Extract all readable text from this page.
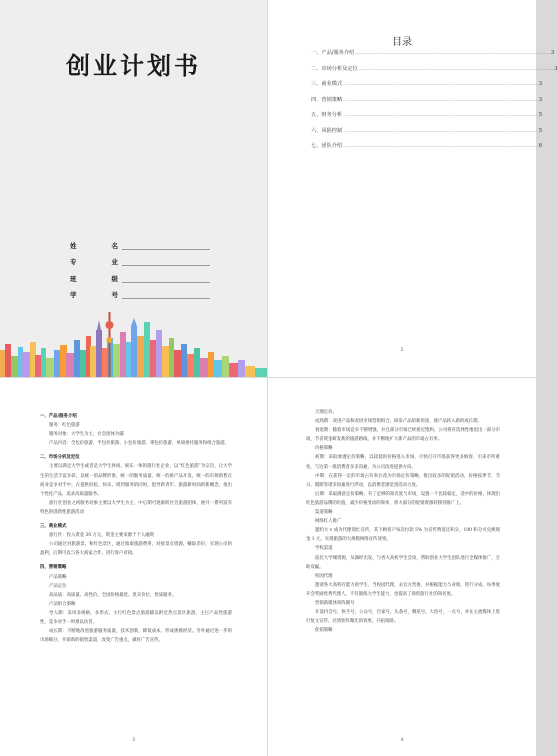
创业计划书
姓	名
专	业
班	级
学	号
目录
一、产品/服务介绍 ...................................................................................................................... 3
二、市场分析及定位 ...................................................................................................................... 3
三、商业模式 ...................................................................................................................... 3
四、营销策略 ...................................................................................................................... 3
五、财务分析 ...................................................................................................................... 5
六、风险控制 ...................................................................................................................... 5
七、团队介绍 ...................................................................................................................... 6
2
一、产品/服务介绍
服务：红色旅游
服务对象：大学生为主，社会团体为辅
产品内容：全包价旅游、半包价旅游、小包价旅游、零包价旅游，单项委托服务和组合旅游。
二、市场分析及定位
主要以满足大学生或者是大学生休闲、娱乐一体的旅行社企业，以“红色旅游”为宗旨，让大学生的生活丰富多彩，以统一的品牌形象、统一的服务质量、统一的新产品开发、统一的市场销售在商业竞争对手中，在提供轻松、快乐、周到服务的同时，倡导新青年、旅游新时尚的新概念，推出个性化产品，追求高质量服务。
旅行社创业之初服务对象主要以大学生为主，中后期可逐渐转社会旅游团体，展开一系列富有特色的创新性旅游活动
三、商业模式
旅行社：投入资金 30 万元，资金主要来源于个人融资
公司通过对旅游景、和红色景区，通过收取旅游费用，对接景点资源，赚取差价，实现公司的盈利，后期可以与各大商家合作，进行客户对接。
四、营销策略
产品策略
产品定位
高品质：高质量、高性价、全国价格最优、贵宾价位、优质服务。
产品组合策略
导入期：采用多规格，多形式，主打红色景点旅游辅以附近热点景区旅游，主打产品性旅游性，竞争对手一时难以仿冒。
成长期：不断地改进旅游服务质量，技术创新，降低成本，形成规模经济。另外通过进一步的市场细分，开辟新的销售渠道，改变广告重点，做好广告宣传，
3
合理定价。
成熟期：改进产品和改进市场营销组合，研发产品的新用途，使产品转入新的成长期。
衰退期：随着市场竞争不断增强，并且部分市场已经接近饱和，公司将有选择性地退出一部分市场，节省资金研发新的旅游路线，并不断地扩大新产品的市场占有率。
价格策略
初期：采取渗透定价策略，以较低的价格进入市场，尽快打开市场获得更多顾客，引来市所难免，与这第一批消费者多多沟通，为公司改进提供方向。
中期：在获得一定的市场占有率后改为市场定价策略，推出较多的促销活动，价格按季节，节日，假期等诸多因素进行浮动，以消费者感觉到活动力度。
后期：采取满意定价策略，有了足够的知名度与市场，设置一个比较稳定，适中的价格，体现出红色旅游品牌的价值，减少价格变动的频率，将大部分的促销资源转移到推广上。
渠道策略
网络红人推广
邀约大 v 成为代理领忙宣传，其下顾客产每次付款 5% 为宣传费返还积分，100 积分可兑换现金 1 元，实现旅游的大规模网络宣传效果。
学校渠道
依托大学城资源，从湖经出发，与各大高校学生会谈，帮助创业大学生团队进行全媒体推广，互助双赢。
校园代理
邀请各大高校有能力的学生，当校园代理，去官方营推，并根据能力与业绩，进行分成，每季度开会奖励优秀代理人，不仅锻炼大学生能力，也提高了商贸旅行社的知名度。
营销新媒体矩阵铺号
开设抖音号，快手号，公众号，百家号，头条号，腾讯号，大鱼号，一点号，并在主流媒体上进行复文宣传，达到矩阵曝光的效果，开拓销路。
促销策略
4
